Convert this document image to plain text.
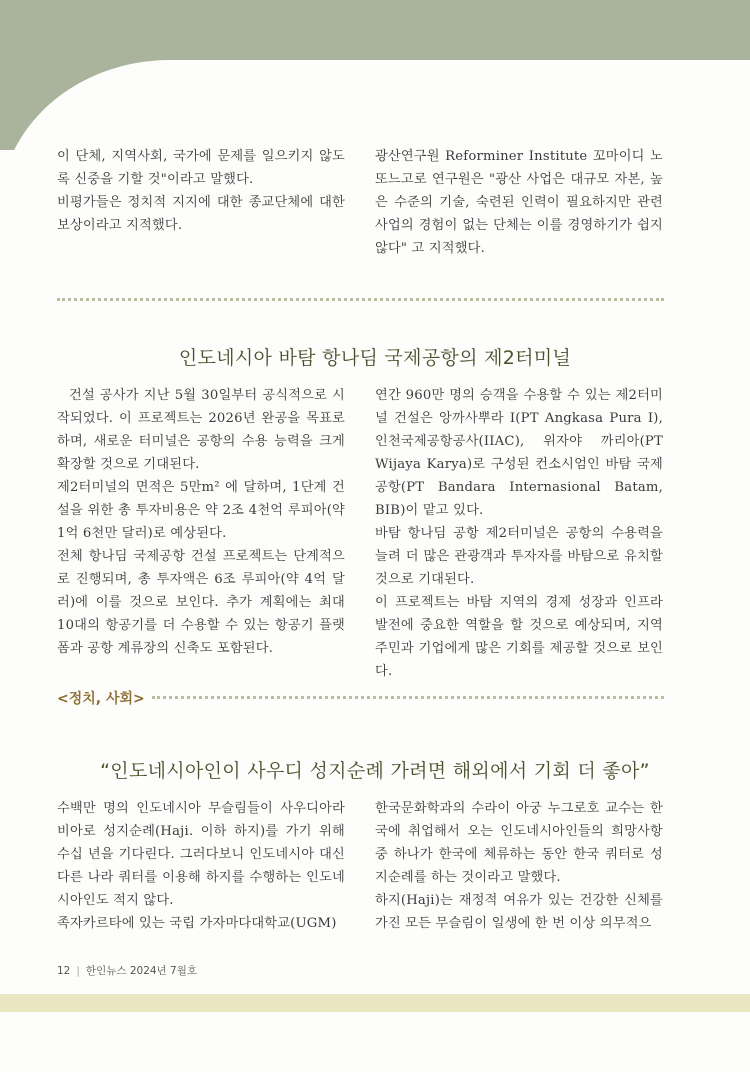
이 단체, 지역사회, 국가에 문제를 일으키지 않도록 신중을 기할 것"이라고 말했다.

비평가들은 정치적 지지에 대한 종교단체에 대한 보상이라고 지적했다.

광산연구원 Reforminer Institute 꼬마이디 노또느고로 연구원은 "광산 사업은 대규모 자본, 높은 수준의 기술, 숙련된 인력이 필요하지만 관련 사업의 경험이 없는 단체는 이를 경영하기가 쉽지 않다" 고 지적했다.

인도네시아 바탐 항나딤 국제공항의 제2터미널

건설 공사가 지난 5월 30일부터 공식적으로 시작되었다. 이 프로젝트는 2026년 완공을 목표로 하며, 새로운 터미널은 공항의 수용 능력을 크게 확장할 것으로 기대된다.

제2터미널의 면적은 5만m² 에 달하며, 1단계 건설을 위한 총 투자비용은 약 2조 4천억 루피아(약 1억 6천만 달러)로 예상된다.

전체 항나딤 국제공항 건설 프로젝트는 단계적으로 진행되며, 총 투자액은 6조 루피아(약 4억 달러)에 이를 것으로 보인다. 추가 계획에는 최대 10대의 항공기를 더 수용할 수 있는 항공기 플랫폼과 공항 계류장의 신축도 포함된다.

연간 960만 명의 승객을 수용할 수 있는 제2터미널 건설은 앙까사뿌라 I(PT Angkasa Pura I), 인천국제공항공사(IIAC), 위자야 까리아(PT Wijaya Karya)로 구성된 컨소시엄인 바탐 국제공항(PT Bandara Internasional Batam, BIB)이 맡고 있다.

바탐 항나딤 공항 제2터미널은 공항의 수용력을 늘려 더 많은 관광객과 투자자를 바탐으로 유치할 것으로 기대된다.

이 프로젝트는 바탐 지역의 경제 성장과 인프라 발전에 중요한 역할을 할 것으로 예상되며, 지역 주민과 기업에게 많은 기회를 제공할 것으로 보인다.

<정치, 사회>
“인도네시아인이 사우디 성지순례 가려면 해외에서 기회 더 좋아”

수백만 명의 인도네시아 무슬림들이 사우디아라비아로 성지순례(Haji. 이하 하지)를 가기 위해 수십 년을 기다린다. 그러다보니 인도네시아 대신 다른 나라 쿼터를 이용해 하지를 수행하는 인도네시아인도 적지 않다.

족자카르타에 있는 국립 가자마다대학교(UGM)

한국문화학과의 수라이 아궁 누그로호 교수는 한국에 취업해서 오는 인도네시아인들의 희망사항 중 하나가 한국에 체류하는 동안 한국 쿼터로 성지순례를 하는 것이라고 말했다.

하지(Haji)는 재정적 여유가 있는 건강한 신체를 가진 모든 무슬림이 일생에 한 번 이상 의무적으

12 | 한인뉴스 2024년 7월호
